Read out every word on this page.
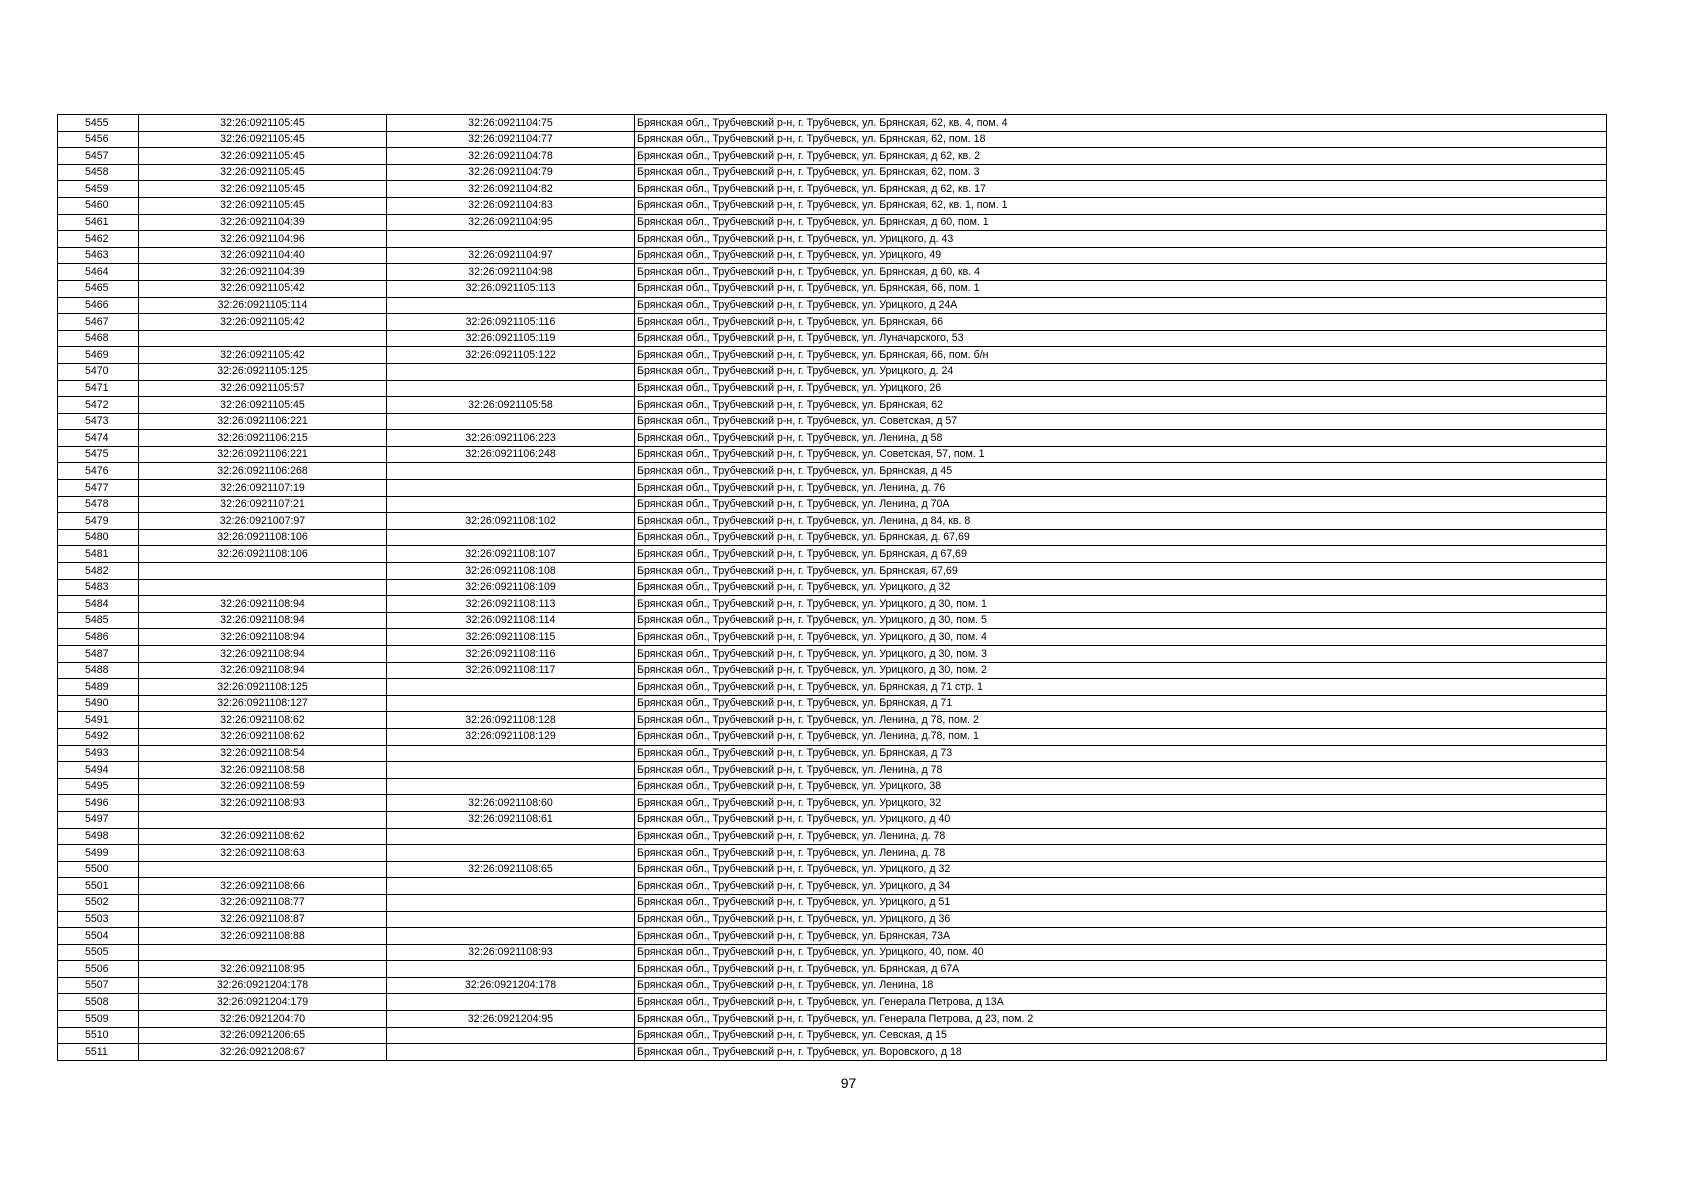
5455	32:26:0921105:45	32:26:0921104:75	Брянская обл., Трубчевский р-н, г. Трубчевск, ул. Брянская, 62, кв. 4, пом. 4
5456	32:26:0921105:45	32:26:0921104:77	Брянская обл., Трубчевский р-н, г. Трубчевск, ул. Брянская, 62, пом. 18
5457	32:26:0921105:45	32:26:0921104:78	Брянская обл., Трубчевский р-н, г. Трубчевск, ул. Брянская, д 62, кв. 2
5458	32:26:0921105:45	32:26:0921104:79	Брянская обл., Трубчевский р-н, г. Трубчевск, ул. Брянская, 62, пом. 3
5459	32:26:0921105:45	32:26:0921104:82	Брянская обл., Трубчевский р-н, г. Трубчевск, ул. Брянская, д 62, кв. 17
5460	32:26:0921105:45	32:26:0921104:83	Брянская обл., Трубчевский р-н, г. Трубчевск, ул. Брянская, 62, кв. 1, пом. 1
5461	32:26:0921104:39	32:26:0921104:95	Брянская обл., Трубчевский р-н, г. Трубчевск, ул. Брянская, д 60, пом. 1
5462	32:26:0921104:96		Брянская обл., Трубчевский р-н, г. Трубчевск, ул. Урицкого, д. 43
5463	32:26:0921104:40	32:26:0921104:97	Брянская обл., Трубчевский р-н, г. Трубчевск, ул. Урицкого, 49
5464	32:26:0921104:39	32:26:0921104:98	Брянская обл., Трубчевский р-н, г. Трубчевск, ул. Брянская, д 60, кв. 4
5465	32:26:0921105:42	32:26:0921105:113	Брянская обл., Трубчевский р-н, г. Трубчевск, ул. Брянская, 66, пом. 1
5466	32:26:0921105:114		Брянская обл., Трубчевский р-н, г. Трубчевск, ул. Урицкого, д 24А
5467	32:26:0921105:42	32:26:0921105:116	Брянская обл., Трубчевский р-н, г. Трубчевск, ул. Брянская, 66
5468		32:26:0921105:119	Брянская обл., Трубчевский р-н, г. Трубчевск, ул. Луначарского, 53
5469	32:26:0921105:42	32:26:0921105:122	Брянская обл., Трубчевский р-н, г. Трубчевск, ул. Брянская, 66, пом. б/н
5470	32:26:0921105:125		Брянская обл., Трубчевский р-н, г. Трубчевск, ул. Урицкого, д. 24
5471	32:26:0921105:57		Брянская обл., Трубчевский р-н, г. Трубчевск, ул. Урицкого, 26
5472	32:26:0921105:45	32:26:0921105:58	Брянская обл., Трубчевский р-н, г. Трубчевск, ул. Брянская, 62
5473	32:26:0921106:221		Брянская обл., Трубчевский р-н, г. Трубчевск, ул. Советская, д 57
5474	32:26:0921106:215	32:26:0921106:223	Брянская обл., Трубчевский р-н, г. Трубчевск, ул. Ленина, д 58
5475	32:26:0921106:221	32:26:0921106:248	Брянская обл., Трубчевский р-н, г. Трубчевск, ул. Советская, 57, пом. 1
5476	32:26:0921106:268		Брянская обл., Трубчевский р-н, г. Трубчевск, ул. Брянская, д 45
5477	32:26:0921107:19		Брянская обл., Трубчевский р-н, г. Трубчевск, ул. Ленина, д. 76
5478	32:26:0921107:21		Брянская обл., Трубчевский р-н, г. Трубчевск, ул. Ленина, д 70А
5479	32:26:0921007:97	32:26:0921108:102	Брянская обл., Трубчевский р-н, г. Трубчевск, ул. Ленина, д 84, кв. 8
5480	32:26:0921108:106		Брянская обл., Трубчевский р-н, г. Трубчевск, ул. Брянская, д. 67,69
5481	32:26:0921108:106	32:26:0921108:107	Брянская обл., Трубчевский р-н, г. Трубчевск, ул. Брянская, д 67,69
5482		32:26:0921108:108	Брянская обл., Трубчевский р-н, г. Трубчевск, ул. Брянская, 67,69
5483		32:26:0921108:109	Брянская обл., Трубчевский р-н, г. Трубчевск, ул. Урицкого, д 32
5484	32:26:0921108:94	32:26:0921108:113	Брянская обл., Трубчевский р-н, г. Трубчевск, ул. Урицкого, д 30, пом. 1
5485	32:26:0921108:94	32:26:0921108:114	Брянская обл., Трубчевский р-н, г. Трубчевск, ул. Урицкого, д 30, пом. 5
5486	32:26:0921108:94	32:26:0921108:115	Брянская обл., Трубчевский р-н, г. Трубчевск, ул. Урицкого, д 30, пом. 4
5487	32:26:0921108:94	32:26:0921108:116	Брянская обл., Трубчевский р-н, г. Трубчевск, ул. Урицкого, д 30, пом. 3
5488	32:26:0921108:94	32:26:0921108:117	Брянская обл., Трубчевский р-н, г. Трубчевск, ул. Урицкого, д 30, пом. 2
5489	32:26:0921108:125		Брянская обл., Трубчевский р-н, г. Трубчевск, ул. Брянская, д 71 стр. 1
5490	32:26:0921108:127		Брянская обл., Трубчевский р-н, г. Трубчевск, ул. Брянская, д 71
5491	32:26:0921108:62	32:26:0921108:128	Брянская обл., Трубчевский р-н, г. Трубчевск, ул. Ленина, д 78, пом. 2
5492	32:26:0921108:62	32:26:0921108:129	Брянская обл., Трубчевский р-н, г. Трубчевск, ул. Ленина, д.78, пом. 1
5493	32:26:0921108:54		Брянская обл., Трубчевский р-н, г. Трубчевск, ул. Брянская, д 73
5494	32:26:0921108:58		Брянская обл., Трубчевский р-н, г. Трубчевск, ул. Ленина, д 78
5495	32:26:0921108:59		Брянская обл., Трубчевский р-н, г. Трубчевск, ул. Урицкого, 38
5496	32:26:0921108:93	32:26:0921108:60	Брянская обл., Трубчевский р-н, г. Трубчевск, ул. Урицкого, 32
5497		32:26:0921108:61	Брянская обл., Трубчевский р-н, г. Трубчевск, ул. Урицкого, д 40
5498	32:26:0921108:62		Брянская обл., Трубчевский р-н, г. Трубчевск, ул. Ленина, д. 78
5499	32:26:0921108:63		Брянская обл., Трубчевский р-н, г. Трубчевск, ул. Ленина, д. 78
5500		32:26:0921108:65	Брянская обл., Трубчевский р-н, г. Трубчевск, ул. Урицкого, д 32
5501	32:26:0921108:66		Брянская обл., Трубчевский р-н, г. Трубчевск, ул. Урицкого, д 34
5502	32:26:0921108:77		Брянская обл., Трубчевский р-н, г. Трубчевск, ул. Урицкого, д 51
5503	32:26:0921108:87		Брянская обл., Трубчевский р-н, г. Трубчевск, ул. Урицкого, д 36
5504	32:26:0921108:88		Брянская обл., Трубчевский р-н, г. Трубчевск, ул. Брянская, 73А
5505		32:26:0921108:93	Брянская обл., Трубчевский р-н, г. Трубчевск, ул. Урицкого, 40, пом. 40
5506	32:26:0921108:95		Брянская обл., Трубчевский р-н, г. Трубчевск, ул. Брянская, д 67А
5507	32:26:0921204:178	32:26:0921204:178	Брянская обл., Трубчевский р-н, г. Трубчевск, ул. Ленина, 18
5508	32:26:0921204:179		Брянская обл., Трубчевский р-н, г. Трубчевск, ул. Генерала Петрова, д 13А
5509	32:26:0921204:70	32:26:0921204:95	Брянская обл., Трубчевский р-н, г. Трубчевск, ул. Генерала Петрова, д 23, пом. 2
5510	32:26:0921206:65		Брянская обл., Трубчевский р-н, г. Трубчевск, ул. Севская, д 15
5511	32:26:0921208:67		Брянская обл., Трубчевский р-н, г. Трубчевск, ул. Воровского, д 18
97
